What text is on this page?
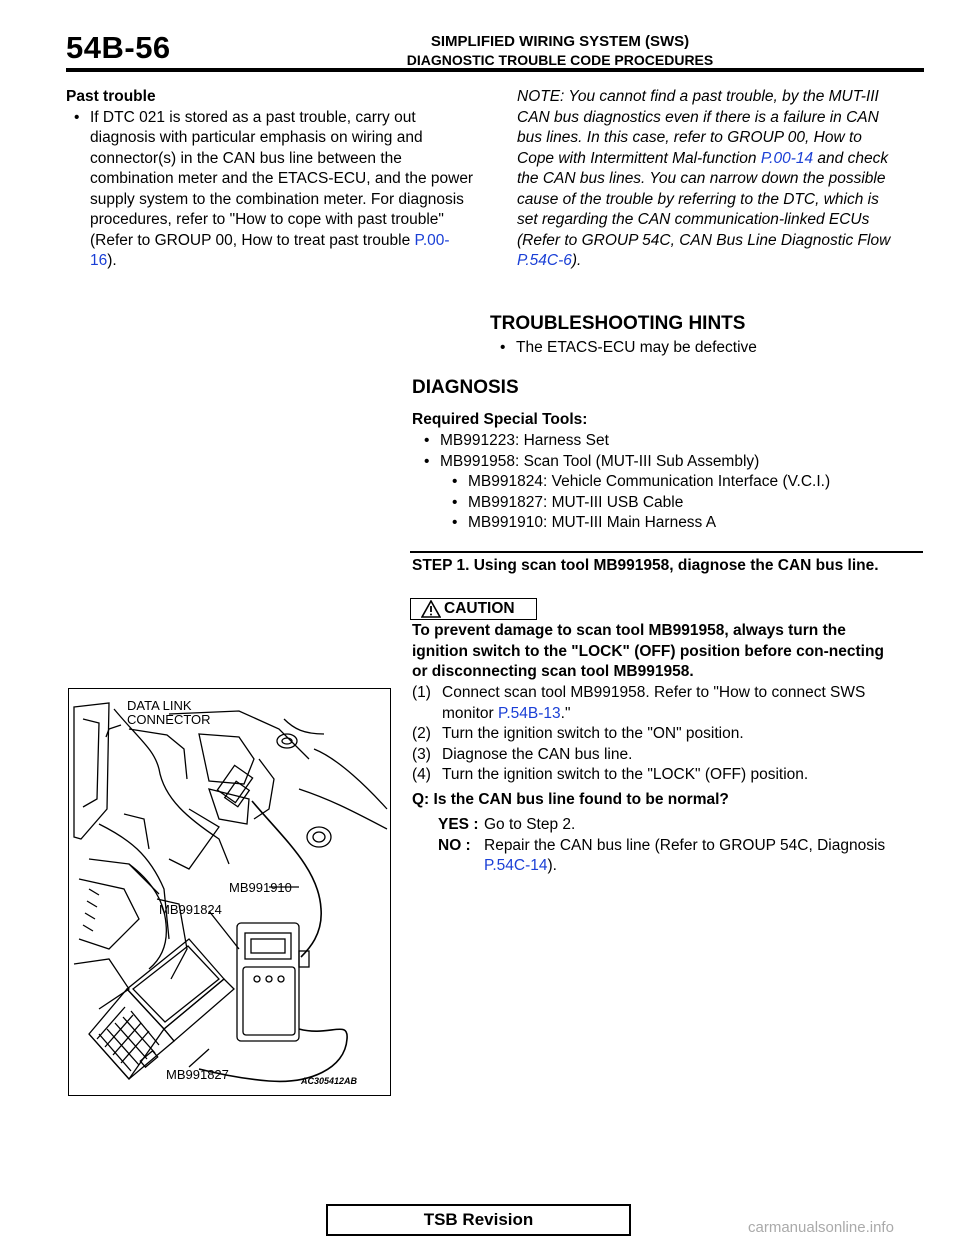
54B-56	SIMPLIFIED WIRING SYSTEM (SWS)
DIAGNOSTIC TROUBLE CODE PROCEDURES
Past trouble
• If DTC 021 is stored as a past trouble, carry out diagnosis with particular emphasis on wiring and connector(s) in the CAN bus line between the combination meter and the ETACS-ECU, and the power supply system to the combination meter. For diagnosis procedures, refer to "How to cope with past trouble" (Refer to GROUP 00, How to treat past trouble P.00-16).
NOTE: You cannot find a past trouble, by the MUT-III CAN bus diagnostics even if there is a failure in CAN bus lines. In this case, refer to GROUP 00, How to Cope with Intermittent Mal-function P.00-14 and check the CAN bus lines. You can narrow down the possible cause of the trouble by referring to the DTC, which is set regarding the CAN communication-linked ECUs (Refer to GROUP 54C, CAN Bus Line Diagnostic Flow P.54C-6).
TROUBLESHOOTING HINTS
• The ETACS-ECU may be defective
DIAGNOSIS
Required Special Tools:
• MB991223: Harness Set
• MB991958: Scan Tool (MUT-III Sub Assembly)
• MB991824: Vehicle Communication Interface (V.C.I.)
• MB991827: MUT-III USB Cable
• MB991910: MUT-III Main Harness A
STEP 1. Using scan tool MB991958, diagnose the CAN bus line.
CAUTION
To prevent damage to scan tool MB991958, always turn the ignition switch to the "LOCK" (OFF) position before con-necting or disconnecting scan tool MB991958.
(1) Connect scan tool MB991958. Refer to "How to connect SWS monitor P.54B-13."
(2) Turn the ignition switch to the "ON" position.
(3) Diagnose the CAN bus line.
(4) Turn the ignition switch to the "LOCK" (OFF) position.
Q: Is the CAN bus line found to be normal?
YES : Go to Step 2.
NO : Repair the CAN bus line (Refer to GROUP 54C, Diagnosis P.54C-14).
DATA LINK
CONNECTOR
MB991910
MB991824
MB991827	AC305412AB
TSB Revision	carmanualsonline.info
